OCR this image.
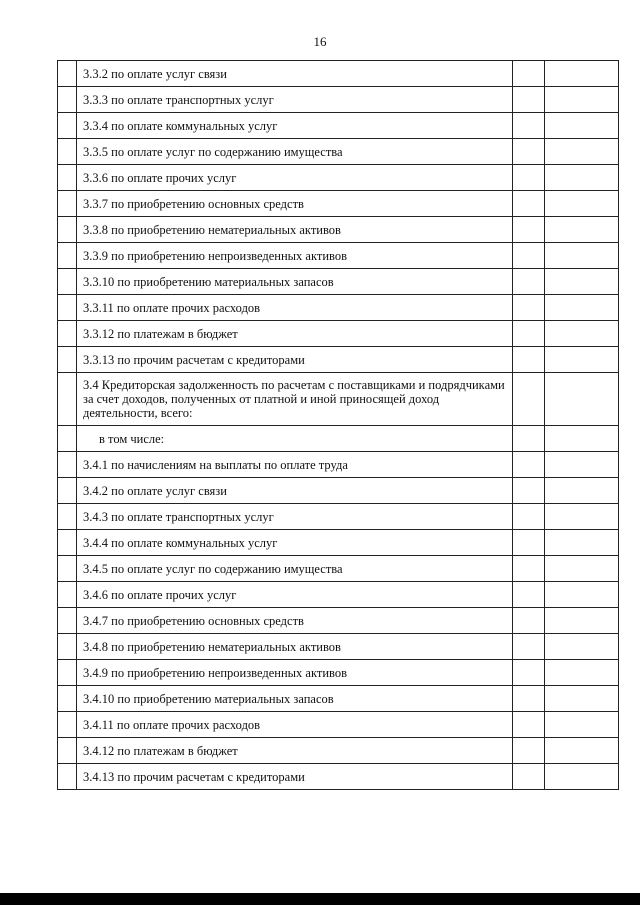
16
	3.3.2 по оплате услуг связи		
	3.3.3 по оплате транспортных услуг		
	3.3.4 по оплате коммунальных услуг		
	3.3.5 по оплате услуг по содержанию имущества		
	3.3.6 по оплате прочих услуг		
	3.3.7 по приобретению основных средств		
	3.3.8 по приобретению нематериальных активов		
	3.3.9 по приобретению непроизведенных активов		
	3.3.10 по приобретению материальных запасов		
	3.3.11 по оплате прочих расходов		
	3.3.12 по платежам в бюджет		
	3.3.13 по прочим расчетам с кредиторами		
	3.4 Кредиторская задолженность по расчетам с поставщиками и подрядчиками за счет доходов, полученных от платной и иной приносящей доход деятельности, всего:		
	в том числе:		
	3.4.1 по начислениям на выплаты по оплате труда		
	3.4.2 по оплате услуг связи		
	3.4.3 по оплате транспортных услуг		
	3.4.4 по оплате коммунальных услуг		
	3.4.5 по оплате услуг по содержанию имущества		
	3.4.6 по оплате прочих услуг		
	3.4.7 по приобретению основных средств		
	3.4.8 по приобретению нематериальных активов		
	3.4.9 по приобретению непроизведенных активов		
	3.4.10 по приобретению материальных запасов		
	3.4.11 по оплате прочих расходов		
	3.4.12 по платежам в бюджет		
	3.4.13 по прочим расчетам с кредиторами		
